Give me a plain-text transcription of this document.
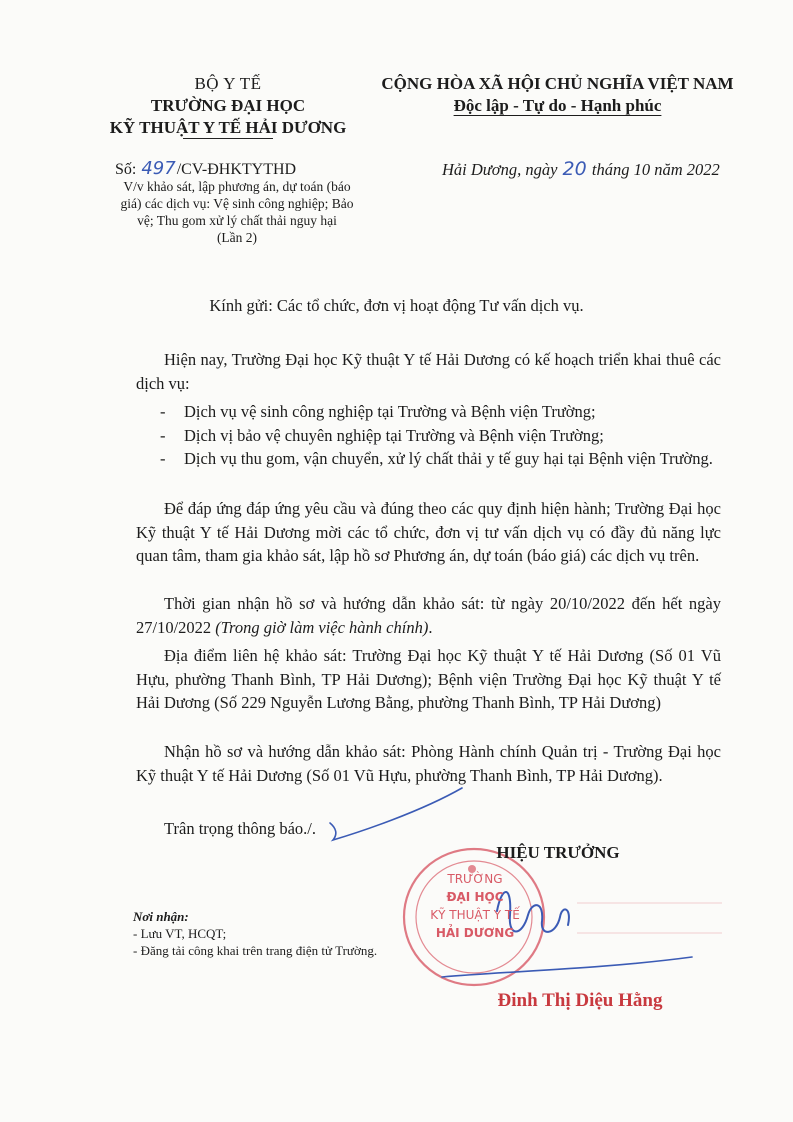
BỘ Y TẾ
TRƯỜNG ĐẠI HỌC
KỸ THUẬT Y TẾ HẢI DƯƠNG
CỘNG HÒA XÃ HỘI CHỦ NGHĨA VIỆT NAM
Độc lập - Tự do - Hạnh phúc
Số: 497/CV-ĐHKTYTHD
V/v khảo sát, lập phương án, dự toán (báo
giá) các dịch vụ: Vệ sinh công nghiệp; Bảo
vệ; Thu gom xử lý chất thải nguy hại
(Lần 2)
Hải Dương, ngày 20 tháng 10 năm 2022
Kính gửi: Các tổ chức, đơn vị hoạt động Tư vấn dịch vụ.
Hiện nay, Trường Đại học Kỹ thuật Y tế Hải Dương có kế hoạch triển khai thuê các dịch vụ:
- Dịch vụ vệ sinh công nghiệp tại Trường và Bệnh viện Trường;
- Dịch vị bảo vệ chuyên nghiệp tại Trường và Bệnh viện Trường;
- Dịch vụ thu gom, vận chuyển, xử lý chất thải y tế guy hại tại Bệnh viện Trường.
Để đáp ứng đáp ứng yêu cầu và đúng theo các quy định hiện hành; Trường Đại học Kỹ thuật Y tế Hải Dương mời các tổ chức, đơn vị tư vấn dịch vụ có đầy đủ năng lực quan tâm, tham gia khảo sát, lập hồ sơ Phương án, dự toán (báo giá) các dịch vụ trên.
Thời gian nhận hồ sơ và hướng dẫn khảo sát: từ ngày 20/10/2022 đến hết ngày 27/10/2022 (Trong giờ làm việc hành chính).
Địa điểm liên hệ khảo sát: Trường Đại học Kỹ thuật Y tế Hải Dương (Số 01 Vũ Hựu, phường Thanh Bình, TP Hải Dương); Bệnh viện Trường Đại học Kỹ thuật Y tế Hải Dương (Số 229 Nguyễn Lương Bằng, phường Thanh Bình, TP Hải Dương)
Nhận hồ sơ và hướng dẫn khảo sát: Phòng Hành chính Quản trị - Trường Đại học Kỹ thuật Y tế Hải Dương (Số 01 Vũ Hựu, phường Thanh Bình, TP Hải Dương).
Trân trọng thông báo./.
TRƯỜNG
ĐẠI HỌC
KỸ THUẬT Y TẾ
HẢI DƯƠNG
HIỆU TRƯỞNG
Đinh Thị Diệu Hằng
Nơi nhận:
- Lưu VT, HCQT;
- Đăng tải công khai trên trang điện tử Trường.
